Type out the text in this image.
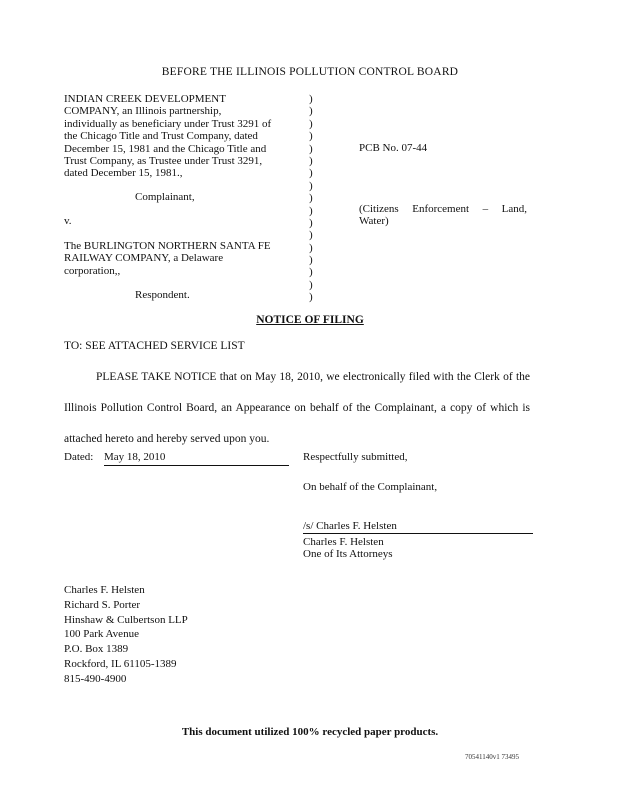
BEFORE THE ILLINOIS POLLUTION CONTROL BOARD
INDIAN CREEK DEVELOPMENT
COMPANY, an Illinois partnership,
individually as beneficiary under Trust 3291 of
the Chicago Title and Trust Company, dated
December 15, 1981 and the Chicago Title and
Trust Company, as Trustee under Trust 3291,
dated December 15, 1981.,
)
)
)
)
)
)
)
)
)
)
)
)
)
)
)
)
)
PCB No. 07-44
Complainant,
v.
(Citizens Enforcement – Land,
Water)
The BURLINGTON NORTHERN SANTA FE
RAILWAY COMPANY, a Delaware
corporation,,
Respondent.
NOTICE OF FILING
TO: SEE ATTACHED SERVICE LIST

PLEASE TAKE NOTICE that on May 18, 2010, we electronically filed with the Clerk of the Illinois Pollution Control Board, an Appearance on behalf of the Complainant, a copy of which is attached hereto and hereby served upon you.

Dated: May 18, 2010	Respectfully submitted,
On behalf of the Complainant,
/s/ Charles F. Helsten
Charles F. Helsten
One of Its Attorneys
Charles F. Helsten
Richard S. Porter
Hinshaw & Culbertson LLP
100 Park Avenue
P.O. Box 1389
Rockford, IL 61105-1389
815-490-4900
This document utilized 100% recycled paper products.
70541140v1 73495
